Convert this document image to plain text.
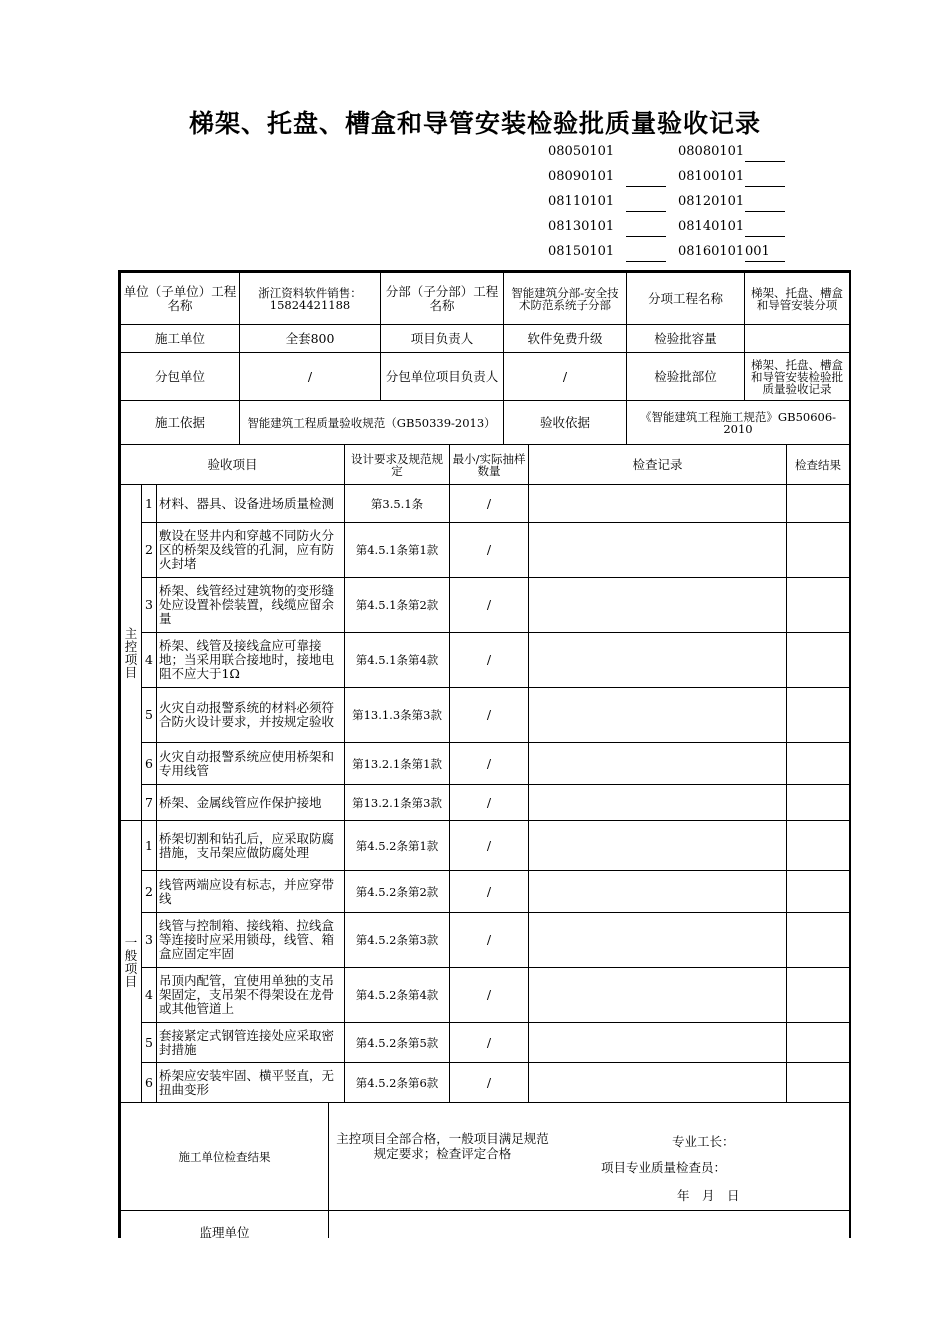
梯架、托盘、槽盒和导管安装检验批质量验收记录
08050101	08080101
08090101	08100101
08110101	08120101
08130101	08140101
08150101	08160101 001
单位（子单位）工程名称	浙江资料软件销售：15824421188	分部（子分部）工程名称	智能建筑分部-安全技术防范系统子分部	分项工程名称	梯架、托盘、槽盒和导管安装分项
施工单位	全套800	项目负责人	软件免费升级	检验批容量	
分包单位	/	分包单位项目负责人	/	检验批部位	梯架、托盘、槽盒和导管安装检验批质量验收记录
施工依据	智能建筑工程质量验收规范（GB50339-2013）		验收依据	《智能建筑工程施工规范》GB50606-2010	
验收项目			设计要求及规范规定	最小/实际抽样数量	检查记录	检查结果
主控项目	1	材料、器具、设备进场质量检测	第3.5.1条	/		
	2	敷设在竖井内和穿越不同防火分区的桥架及线管的孔洞，应有防火封堵	第4.5.1条第1款	/		
	3	桥架、线管经过建筑物的变形缝处应设置补偿装置，线缆应留余量	第4.5.1条第2款	/		
	4	桥架、线管及接线盒应可靠接地；当采用联合接地时，接地电阻不应大于1Ω	第4.5.1条第4款	/		
	5	火灾自动报警系统的材料必须符合防火设计要求，并按规定验收	第13.1.3条第3款	/		
	6	火灾自动报警系统应使用桥架和专用线管	第13.2.1条第1款	/		
	7	桥架、金属线管应作保护接地	第13.2.1条第3款	/		
一般项目	1	桥架切割和钻孔后，应采取防腐措施，支吊架应做防腐处理	第4.5.2条第1款	/		
	2	线管两端应设有标志，并应穿带线	第4.5.2条第2款	/		
	3	线管与控制箱、接线箱、拉线盒等连接时应采用锁母，线管、箱盒应固定牢固	第4.5.2条第3款	/		
	4	吊顶内配管，宜使用单独的支吊架固定，支吊架不得架设在龙骨或其他管道上	第4.5.2条第4款	/		
	5	套接紧定式钢管连接处应采取密封措施	第4.5.2条第5款	/		
	6	桥架应安装牢固、横平竖直，无扭曲变形	第4.5.2条第6款	/		
施工单位检查结果	主控项目全部合格，一般项目满足规范规定要求；检查评定合格
专业工长：
项目专业质量检查员：
年　月　日

监理单位	
